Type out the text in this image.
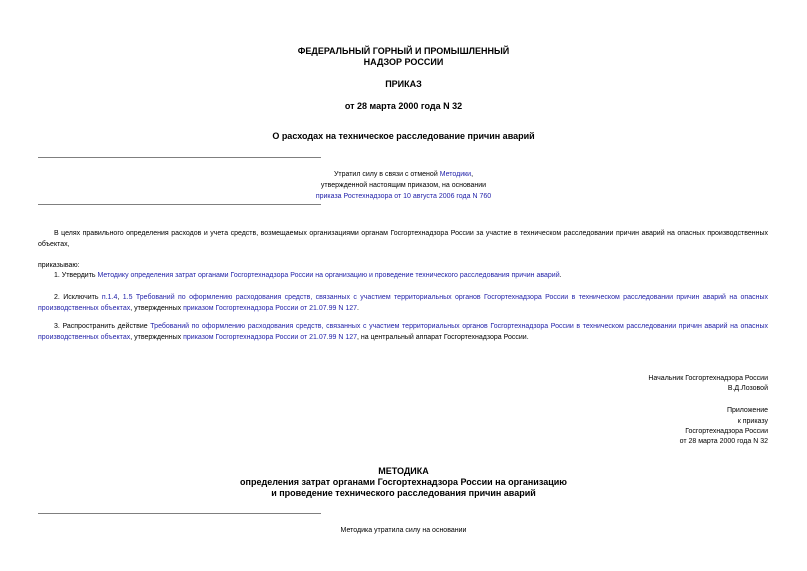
ФЕДЕРАЛЬНЫЙ ГОРНЫЙ И ПРОМЫШЛЕННЫЙ
НАДЗОР РОССИИ
ПРИКАЗ
от 28 марта 2000 года N 32
О расходах на техническое расследование причин аварий
Утратил силу в связи с отменой Методики,
утвержденной настоящим приказом, на основании
приказа Ростехнадзора от 10 августа 2006 года N 760
В целях правильного определения расходов и учета средств, возмещаемых организациями органам Госгортехнадзора России за участие в техническом расследовании причин аварий на опасных производственных объектах,
приказываю:
1. Утвердить Методику определения затрат органами Госгортехнадзора России на организацию и проведение технического расследования причин аварий.
2. Исключить п.1.4, 1.5 Требований по оформлению расходования средств, связанных с участием территориальных органов Госгортехнадзора России в техническом расследовании причин аварий на опасных производственных объектах, утвержденных приказом Госгортехнадзора России от 21.07.99 N 127.
3. Распространить действие Требований по оформлению расходования средств, связанных с участием территориальных органов Госгортехнадзора России в техническом расследовании причин аварий на опасных производственных объектах, утвержденных приказом Госгортехнадзора России от 21.07.99 N 127, на центральный аппарат Госгортехнадзора России.
Начальник Госгортехнадзора России
В.Д.Лозовой
Приложение
к приказу
Госгортехнадзора России
от 28 марта 2000 года N 32
МЕТОДИКА
определения затрат органами Госгортехнадзора России на организацию
и проведение технического расследования причин аварий
Методика утратила силу на основании
